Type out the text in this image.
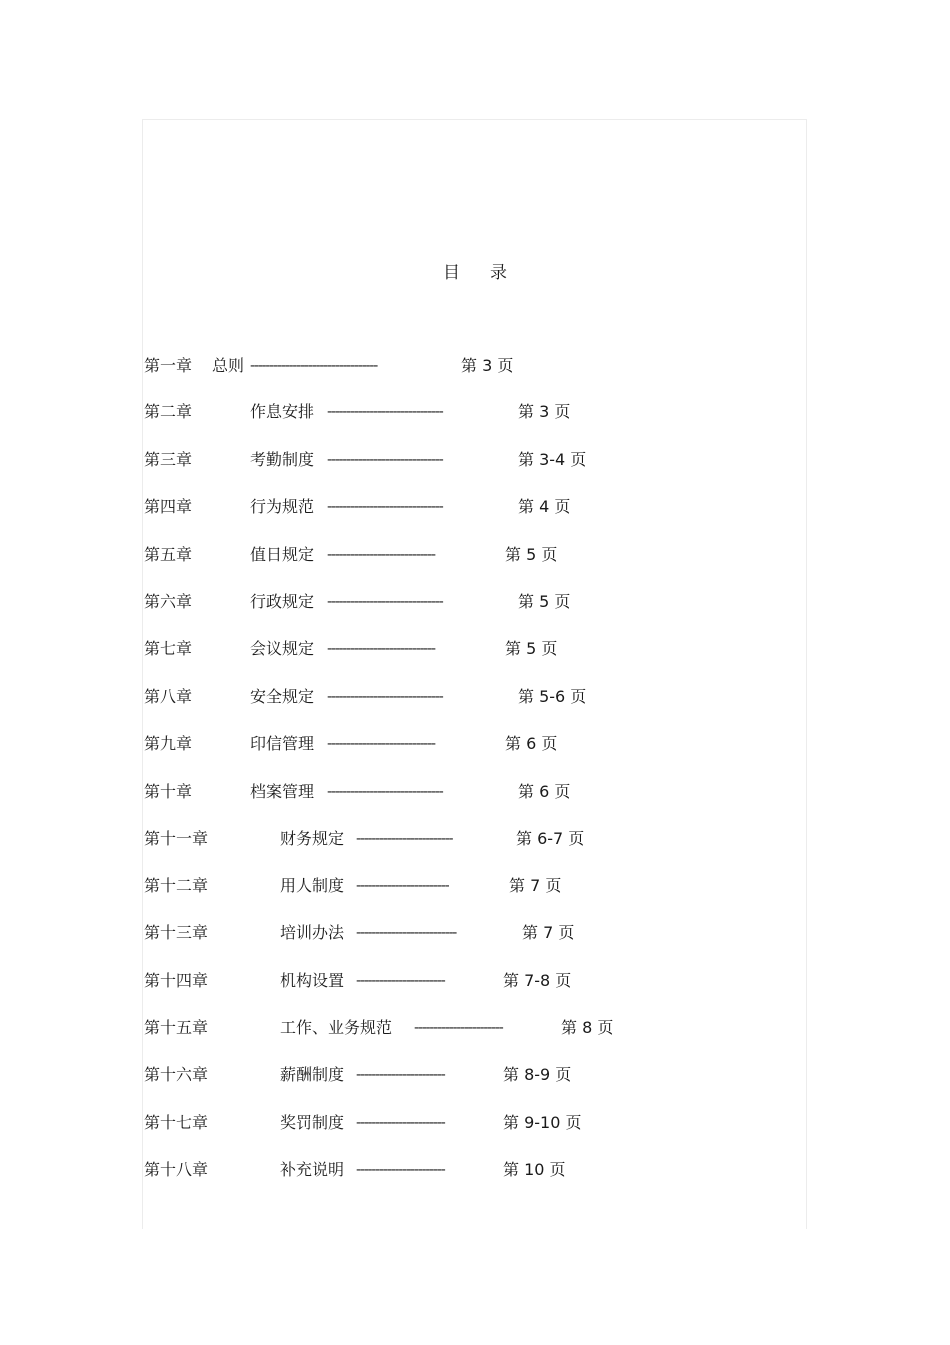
目 录
第一章 总则 ---------------------------------	第 3 页
第二章	作息安排 ------------------------------	第 3 页
第三章	考勤制度 ------------------------------	第 3-4 页
第四章	行为规范 ------------------------------	第 4 页
第五章	值日规定 ----------------------------	第 5 页
第六章	行政规定 ------------------------------	第 5 页
第七章	会议规定 ----------------------------	第 5 页
第八章	安全规定 ------------------------------	第 5-6 页
第九章	印信管理 ----------------------------	第 6 页
第十章	档案管理 ------------------------------	第 6 页
第十一章	财务规定 -------------------------	第 6-7 页
第十二章	用人制度 ------------------------	第 7 页
第十三章	培训办法 --------------------------	第 7 页
第十四章	机构设置 -----------------------	第 7-8 页
第十五章	工作、业务规范 -----------------------	第 8 页
第十六章	薪酬制度 -----------------------	第 8-9 页
第十七章	奖罚制度 -----------------------	第 9-10 页
第十八章	补充说明 -----------------------	第 10 页
